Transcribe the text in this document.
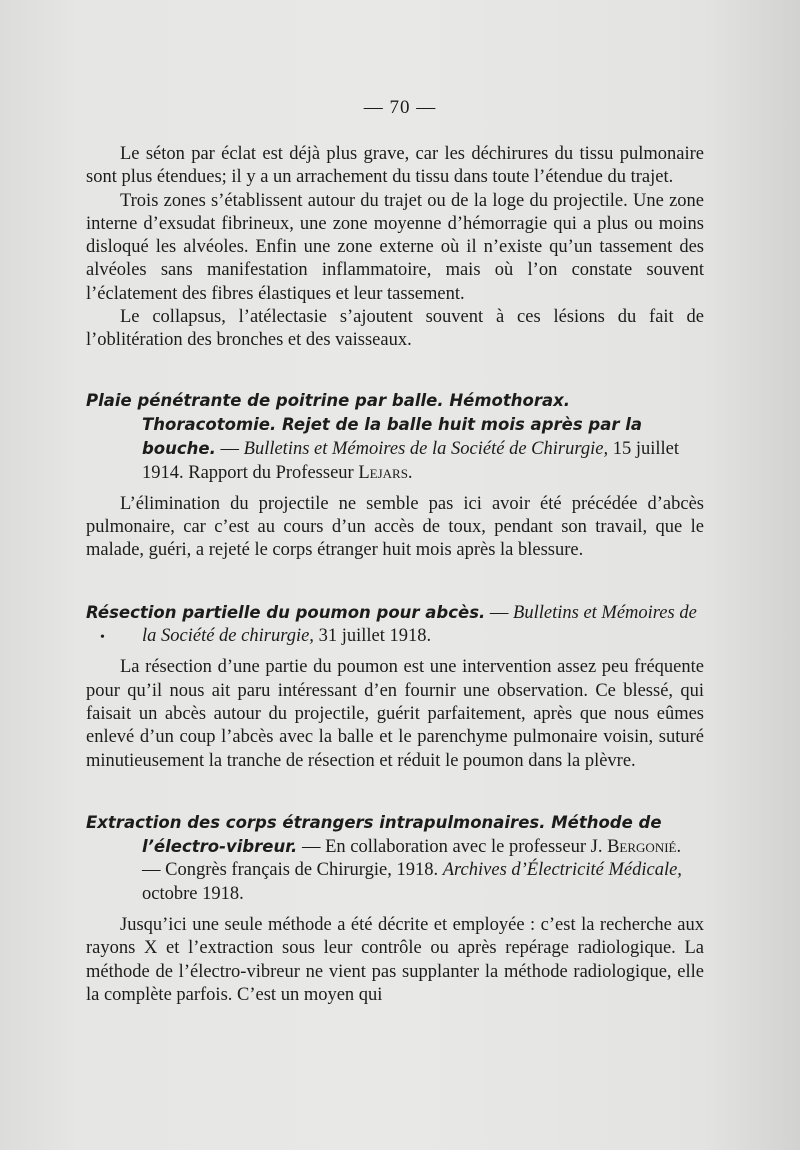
— 70 —
•

Le séton par éclat est déjà plus grave, car les déchirures du tissu pulmonaire sont plus étendues; il y a un arrachement du tissu dans toute l’étendue du trajet.

Trois zones s’établissent autour du trajet ou de la loge du projectile. Une zone interne d’exsudat fibrineux, une zone moyenne d’hémorragie qui a plus ou moins disloqué les alvéoles. Enfin une zone externe où il n’existe qu’un tassement des alvéoles sans manifestation inflammatoire, mais où l’on constate souvent l’éclatement des fibres élastiques et leur tassement.

Le collapsus, l’atélectasie s’ajoutent souvent à ces lésions du fait de l’oblitération des bronches et des vaisseaux.

Plaie pénétrante de poitrine par balle. Hémothorax. Thoracotomie. Rejet de la balle huit mois après par la bouche. — Bulletins et Mémoires de la Société de Chirurgie, 15 juillet 1914. Rapport du Professeur Lejars.

L’élimination du projectile ne semble pas ici avoir été précédée d’abcès pulmonaire, car c’est au cours d’un accès de toux, pendant son travail, que le malade, guéri, a rejeté le corps étranger huit mois après la blessure.

Résection partielle du poumon pour abcès. — Bulletins et Mémoires de la Société de chirurgie, 31 juillet 1918.

La résection d’une partie du poumon est une intervention assez peu fréquente pour qu’il nous ait paru intéressant d’en fournir une observation. Ce blessé, qui faisait un abcès autour du projectile, guérit parfaitement, après que nous eûmes enlevé d’un coup l’abcès avec la balle et le parenchyme pulmonaire voisin, suturé minutieusement la tranche de résection et réduit le poumon dans la plèvre.

Extraction des corps étrangers intrapulmonaires. Méthode de l’électro-vibreur. — En collaboration avec le professeur J. Bergonié. — Congrès français de Chirurgie, 1918. Archives d’Électricité Médicale, octobre 1918.

Jusqu’ici une seule méthode a été décrite et employée : c’est la recherche aux rayons X et l’extraction sous leur contrôle ou après repérage radiologique. La méthode de l’électro-vibreur ne vient pas supplanter la méthode radiologique, elle la complète parfois. C’est un moyen qui
